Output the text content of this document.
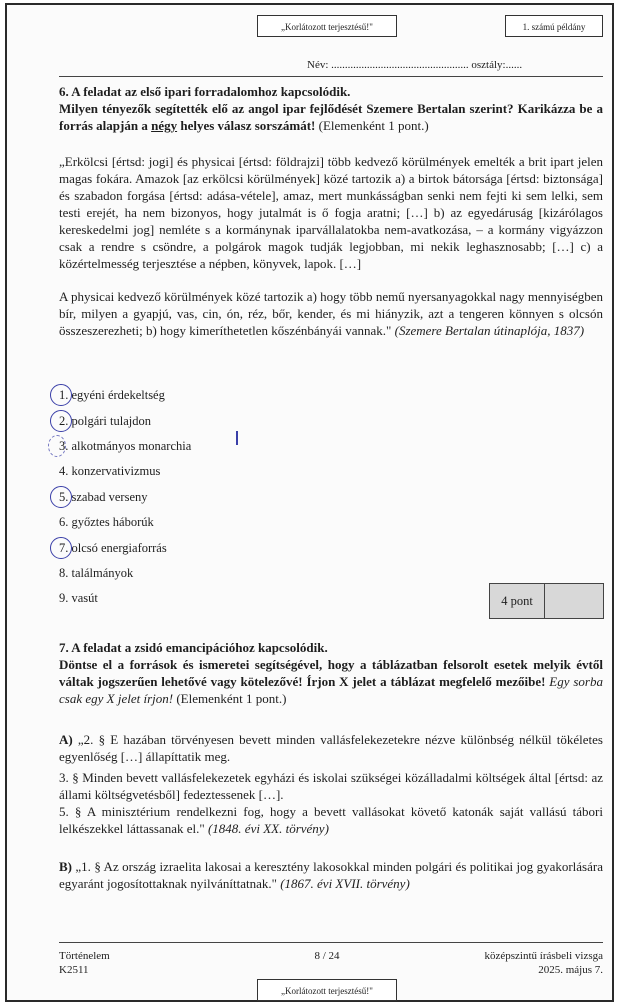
„Korlátozott terjesztésű!"	1. számú példány
Név: .................................................. osztály:......
6. A feladat az első ipari forradalomhoz kapcsolódik.
Milyen tényezők segítették elő az angol ipar fejlődését Szemere Bertalan szerint? Karikázza be a forrás alapján a négy helyes válasz sorszámát! (Elemenként 1 pont.)
„Erkölcsi [értsd: jogi] és physicai [értsd: földrajzi] több kedvező körülmények emelték a brit ipart jelen magas fokára. Amazok [az erkölcsi körülmények] közé tartozik a) a birtok bátorsága [értsd: biztonsága] és szabadon forgása [értsd: adása-vétele], amaz, mert munkásságban senki nem fejti ki sem lelki, sem testi erejét, ha nem bizonyos, hogy jutalmát is ő fogja aratni; […] b) az egyedáruság [kizárólagos kereskedelmi jog] nemléte s a kormánynak iparvállalatokba nem-avatkozása, – a kormány vigyázzon csak a rendre s csöndre, a polgárok magok tudják legjobban, mi nekik leghasznosabb; […] c) a közértelmesség terjesztése a népben, könyvek, lapok. […]
A physicai kedvező körülmények közé tartozik a) hogy több nemű nyersanyagokkal nagy mennyiségben bír, milyen a gyapjú, vas, cin, ón, réz, bőr, kender, és mi hiányzik, azt a tengeren könnyen s olcsón összeszerezheti; b) hogy kimeríthetetlen kőszénbányái vannak." (Szemere Bertalan útinaplója, 1837)
1. egyéni érdekeltség
2. polgári tulajdon
3. alkotmányos monarchia
4. konzervativizmus
5. szabad verseny
6. győztes háborúk
7. olcsó energiaforrás
8. találmányok
9. vasút	4 pont
7. A feladat a zsidó emancipációhoz kapcsolódik.
Döntse el a források és ismeretei segítségével, hogy a táblázatban felsorolt esetek melyik évtől váltak jogszerűen lehetővé vagy kötelezővé! Írjon X jelet a táblázat megfelelő mezőibe! Egy sorba csak egy X jelet írjon! (Elemenként 1 pont.)
A) „2. § E hazában törvényesen bevett minden vallásfelekezetekre nézve különbség nélkül tökéletes egyenlőség […] állapíttatik meg.
3. § Minden bevett vallásfelekezetek egyházi és iskolai szükségei közálladalmi költségek által [értsd: az állami költségvetésből] fedeztessenek […].
5. § A minisztérium rendelkezni fog, hogy a bevett vallásokat követő katonák saját vallású tábori lelkészekkel láttassanak el." (1848. évi XX. törvény)
B) „1. § Az ország izraelita lakosai a keresztény lakosokkal minden polgári és politikai jog gyakorlására egyaránt jogosítottaknak nyilváníttatnak." (1867. évi XVII. törvény)
Történelem
K2511
8 / 24	középszintű írásbeli vizsga
2025. május 7.
„Korlátozott terjesztésű!"
